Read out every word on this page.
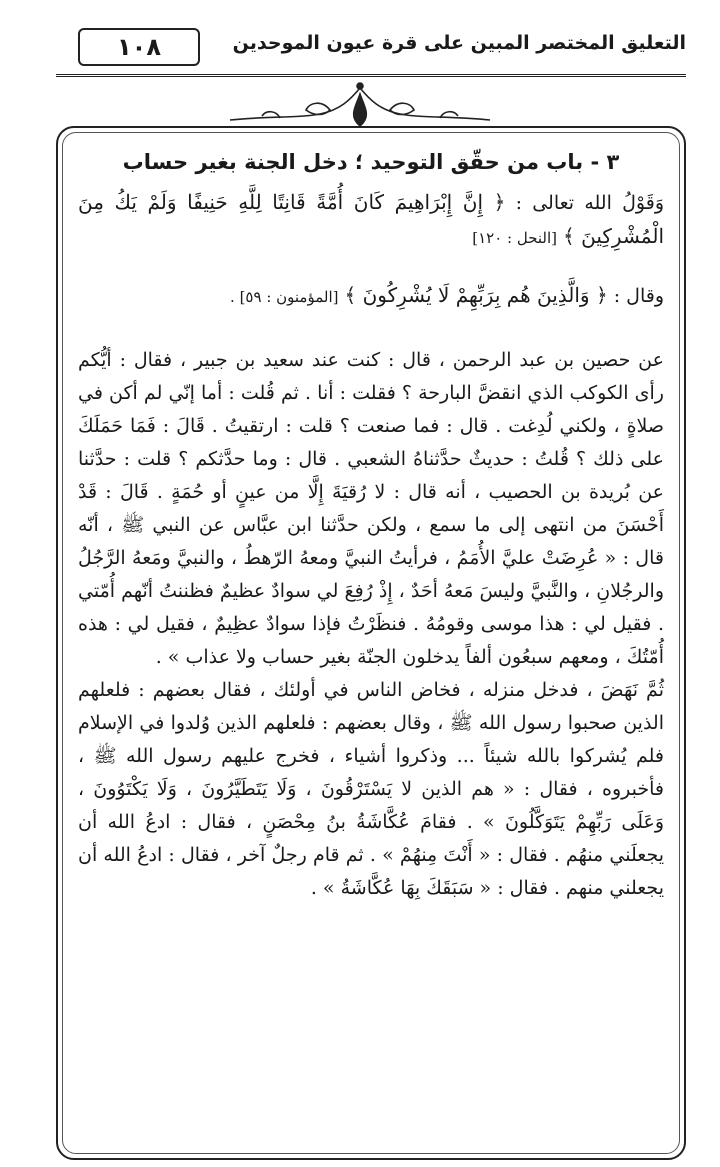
١٠٨	التعليق المختصر المبين على قرة عيون الموحدين
٣ - باب من حقّق التوحيد ؛ دخل الجنة بغير حساب

وَقَوْلُ الله تعالى : ﴿ إِنَّ إِبْرَاهِيمَ كَانَ أُمَّةً قَانِتًا لِلَّهِ حَنِيفًا وَلَمْ يَكُ مِنَ الْمُشْرِكِينَ ﴾ [النحل : ١٢٠]

وقال : ﴿ وَالَّذِينَ هُم بِرَبِّهِمْ لَا يُشْرِكُونَ ﴾ [المؤمنون : ٥٩] .

عن حصين بن عبد الرحمن ، قال : كنت عند سعيد بن جبير ، فقال : أيُّكم رأى الكوكب الذي انقضَّ البارحة ؟ فقلت : أنا . ثم قُلت : أما إنّي لم أكن في صلاةٍ ، ولكني لُدِغت . قال : فما صنعت ؟ قلت : ارتقيتُ . قَالَ : فَمَا حَمَلَكَ على ذلك ؟ قُلتُ : حديثٌ حدَّثناهُ الشعبي . قال : وما حدَّثكم ؟ قلت : حدَّثنا عن بُريدة بن الحصيب ، أنه قال : لا رُقيَةَ إِلَّا من عينٍ أو حُمَةٍ . قَالَ : قَدْ أَحْسَنَ من انتهى إلى ما سمع ، ولكن حدَّثنا ابن عبَّاس عن النبي ﷺ ، أنّه قال : « عُرِضَتْ عليَّ الأُمَمُ ، فرأيتُ النبيَّ ومعهُ الرّهطُ ، والنبيَّ ومَعهُ الرَّجُلُ والرجُلانِ ، والنَّبيَّ وليسَ مَعهُ أحَدٌ ، إِذْ رُفِعَ لي سوادٌ عظيمٌ فظننتُ أنّهم أُمّتي . فقيل لي : هذا موسى وقومُهُ . فنظَرْتُ فإذا سوادٌ عظِيمٌ ، فقيل لي : هذه أُمّتُكَ ، ومعهم سبعُون ألفاً يدخلون الجنّة بغير حساب ولا عذاب » .

ثُمَّ نَهَضَ ، فدخل منزله ، فخاض الناس في أولئك ، فقال بعضهم : فلعلهم الذين صحبوا رسول الله ﷺ ، وقال بعضهم : فلعلهم الذين وُلدوا في الإسلام فلم يُشركوا بالله شيئاً ... وذكروا أشياء ، فخرج عليهم رسول الله ﷺ ، فأخبروه ، فقال : « هم الذين لا يَسْتَرْقُونَ ، وَلَا يَتَطَيَّرُونَ ، وَلَا يَكْتَوُونَ ، وَعَلَى رَبِّهِمْ يَتَوَكَّلُونَ » . فقامَ عُكَّاشَةُ بنُ مِحْصَنٍ ، فقال : ادعُ الله أن يجعلَني منهُم . فقال : « أَنْتَ مِنهُمْ » . ثم قام رجلٌ آخر ، فقال : ادعُ الله أن يجعلني منهم . فقال : « سَبَقَكَ بِهَا عُكَّاشَةُ » .
